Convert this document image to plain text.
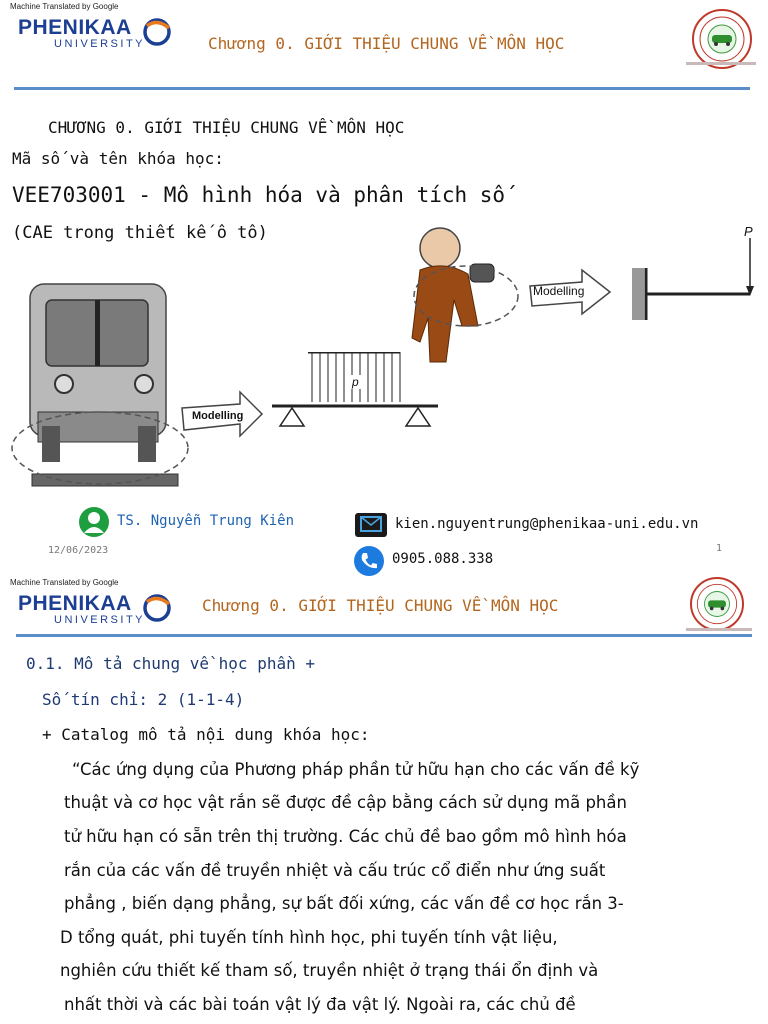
Machine Translated by Google
PHENIKAA
UNIVERSITY	Chương 0. GIỚI THIỆU CHUNG VỀ MÔN HỌC
CHƯƠNG 0. GIỚI THIỆU CHUNG VỀ MÔN HỌC
Mã số và tên khóa học:
VEE703001 - Mô hình hóa và phân tích số
(CAE trong thiết kế ô tô)
Modelling
p
Modelling
P
TS. Nguyễn Trung Kiên	kien.nguyentrung@phenikaa-uni.edu.vn
12/06/2023	1
0905.088.338
Machine Translated by Google
PHENIKAA
UNIVERSITY
Chương 0. GIỚI THIỆU CHUNG VỀ MÔN HỌC
0.1. Mô tả chung về học phần +
Số tín chỉ: 2 (1-1-4)
+ Catalog mô tả nội dung khóa học:
“Các ứng dụng của Phương pháp phần tử hữu hạn cho các vấn đề kỹ
thuật và cơ học vật rắn sẽ được đề cập bằng cách sử dụng mã phần
tử hữu hạn có sẵn trên thị trường. Các chủ đề bao gồm mô hình hóa
rắn của các vấn đề truyền nhiệt và cấu trúc cổ điển như ứng suất
phẳng , biến dạng phẳng, sự bất đối xứng, các vấn đề cơ học rắn 3-
D tổng quát, phi tuyến tính hình học, phi tuyến tính vật liệu,
nghiên cứu thiết kế tham số, truyền nhiệt ở trạng thái ổn định và
nhất thời và các bài toán vật lý đa vật lý. Ngoài ra, các chủ đề
